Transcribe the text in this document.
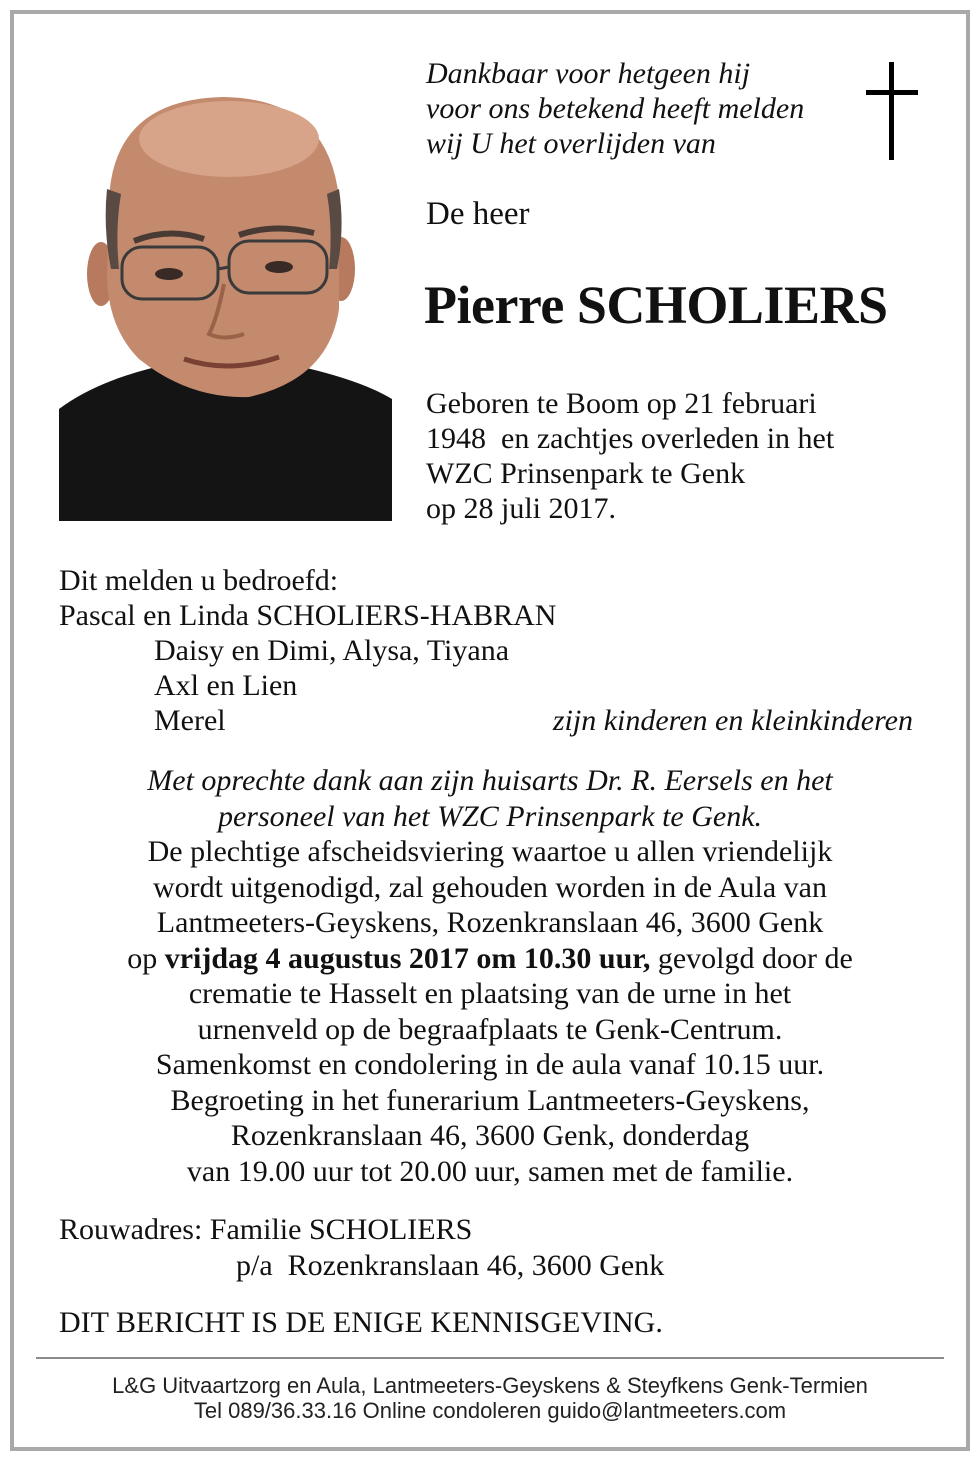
Dankbaar voor hetgeen hij
voor ons betekend heeft melden
wij U het overlijden van
De heer
Pierre SCHOLIERS
Geboren te Boom op 21 februari
1948  en zachtjes overleden in het
WZC Prinsenpark te Genk
op 28 juli 2017.
Dit melden u bedroefd:
Pascal en Linda SCHOLIERS-HABRAN
Daisy en Dimi, Alysa, Tiyana
Axl en Lien
Merel	zijn kinderen en kleinkinderen
Met oprechte dank aan zijn huisarts Dr. R. Eersels en het
personeel van het WZC Prinsenpark te Genk.
De plechtige afscheidsviering waartoe u allen vriendelijk
wordt uitgenodigd, zal gehouden worden in de Aula van
Lantmeeters-Geyskens, Rozenkranslaan 46, 3600 Genk
op vrijdag 4 augustus 2017 om 10.30 uur, gevolgd door de
crematie te Hasselt en plaatsing van de urne in het
urnenveld op de begraafplaats te Genk-Centrum.
Samenkomst en condolering in de aula vanaf 10.15 uur.
Begroeting in het funerarium Lantmeeters-Geyskens,
Rozenkranslaan 46, 3600 Genk, donderdag
van 19.00 uur tot 20.00 uur, samen met de familie.
Rouwadres: Familie SCHOLIERS
p/a  Rozenkranslaan 46, 3600 Genk
DIT BERICHT IS DE ENIGE KENNISGEVING.
L&G Uitvaartzorg en Aula, Lantmeeters-Geyskens & Steyfkens Genk-Termien
Tel 089/36.33.16 Online condoleren guido@lantmeeters.com
